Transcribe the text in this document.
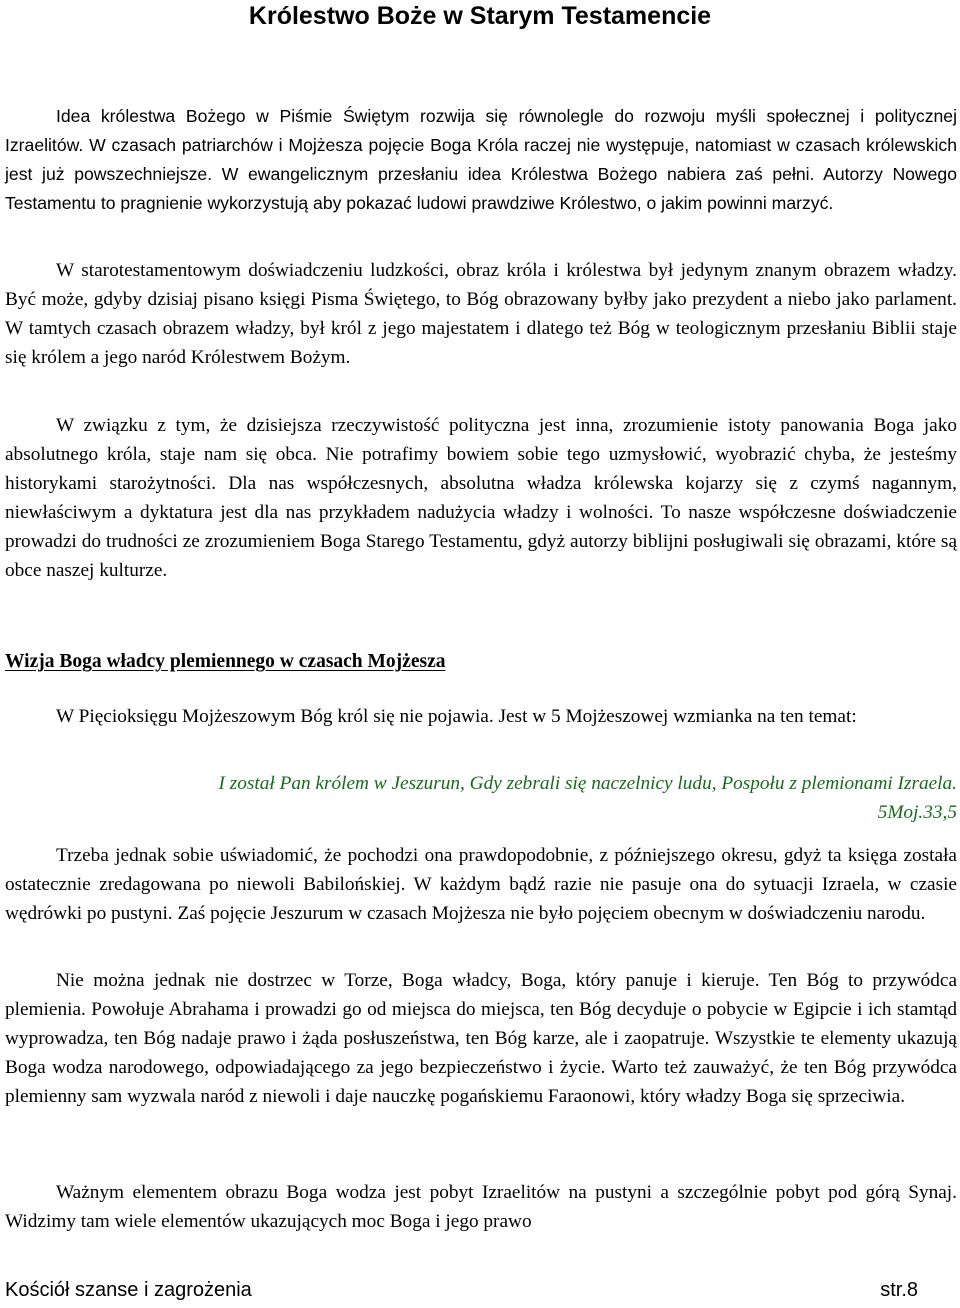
Królestwo Boże w Starym Testamencie

Idea królestwa Bożego w Piśmie Świętym rozwija się równolegle do rozwoju myśli społecznej i politycznej Izraelitów. W czasach patriarchów i Mojżesza pojęcie Boga Króla raczej nie występuje, natomiast w czasach królewskich jest już powszechniejsze. W ewangelicznym przesłaniu idea Królestwa Bożego nabiera zaś pełni. Autorzy Nowego Testamentu to pragnienie wykorzystują aby pokazać ludowi prawdziwe Królestwo, o jakim powinni marzyć.

W starotestamentowym doświadczeniu ludzkości, obraz króla i królestwa był jedynym znanym obrazem władzy. Być może, gdyby dzisiaj pisano księgi Pisma Świętego, to Bóg obrazowany byłby jako prezydent a niebo jako parlament. W tamtych czasach obrazem władzy, był król z jego majestatem i dlatego też Bóg w teologicznym przesłaniu Biblii staje się królem a jego naród Królestwem Bożym.

W związku z tym, że dzisiejsza rzeczywistość polityczna jest inna, zrozumienie istoty panowania Boga jako absolutnego króla, staje nam się obca. Nie potrafimy bowiem sobie tego uzmysłowić, wyobrazić chyba, że jesteśmy historykami starożytności. Dla nas współczesnych, absolutna władza królewska kojarzy się z czymś nagannym, niewłaściwym a dyktatura jest dla nas przykładem nadużycia władzy i wolności. To nasze współczesne doświadczenie prowadzi do trudności ze zrozumieniem Boga Starego Testamentu, gdyż autorzy biblijni posługiwali się obrazami, które są obce naszej kulturze.

Wizja Boga władcy plemiennego w czasach Mojżesza

W Pięcioksięgu Mojżeszowym Bóg król się nie pojawia. Jest w 5 Mojżeszowej wzmianka na ten temat:

I został Pan królem w Jeszurun, Gdy zebrali się naczelnicy ludu, Pospołu z plemionami Izraela.
5Moj.33,5

Trzeba jednak sobie uświadomić, że pochodzi ona prawdopodobnie, z późniejszego okresu, gdyż ta księga została ostatecznie zredagowana po niewoli Babilońskiej. W każdym bądź razie nie pasuje ona do sytuacji Izraela, w czasie wędrówki po pustyni. Zaś pojęcie Jeszurum w czasach Mojżesza nie było pojęciem obecnym w doświadczeniu narodu.

Nie można jednak nie dostrzec w Torze, Boga władcy, Boga, który panuje i kieruje. Ten Bóg to przywódca plemienia. Powołuje Abrahama i prowadzi go od miejsca do miejsca, ten Bóg decyduje o pobycie w Egipcie i ich stamtąd wyprowadza, ten Bóg nadaje prawo i żąda posłuszeństwa, ten Bóg karze, ale i zaopatruje. Wszystkie te elementy ukazują Boga wodza narodowego, odpowiadającego za jego bezpieczeństwo i życie. Warto też zauważyć, że ten Bóg przywódca plemienny sam wyzwala naród z niewoli i daje nauczkę pogańskiemu Faraonowi, który władzy Boga się sprzeciwia.

Ważnym elementem obrazu Boga wodza jest pobyt Izraelitów na pustyni a szczególnie pobyt pod górą Synaj. Widzimy tam wiele elementów ukazujących moc Boga i jego prawo

Kościół szanse i zagrożenia	str.8
